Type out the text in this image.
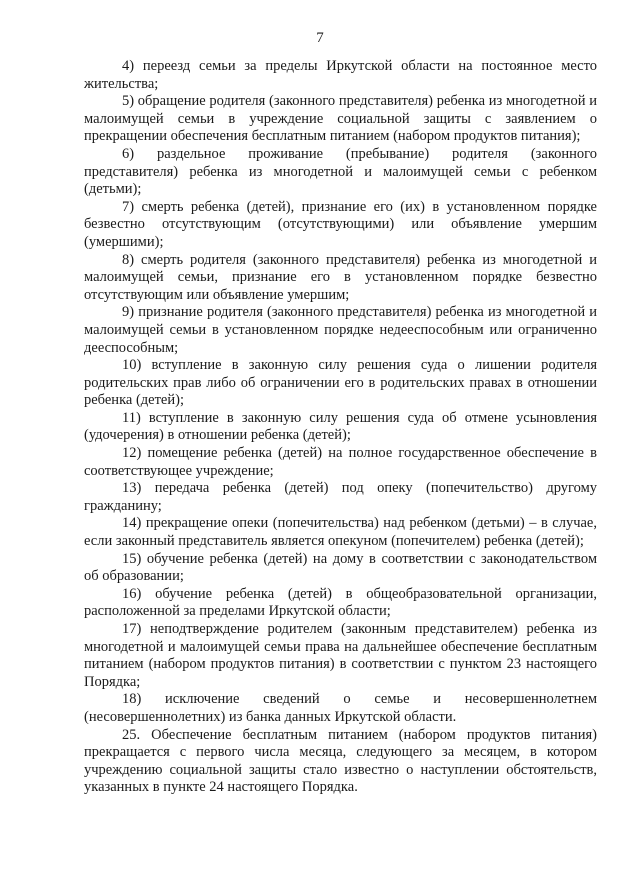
7

4) переезд семьи за пределы Иркутской области на постоянное место жительства;

5) обращение родителя (законного представителя) ребенка из многодетной и малоимущей семьи в учреждение социальной защиты с заявлением о прекращении обеспечения бесплатным питанием (набором продуктов питания);

6) раздельное проживание (пребывание) родителя (законного представителя) ребенка из многодетной и малоимущей семьи с ребенком (детьми);

7) смерть ребенка (детей), признание его (их) в установленном порядке безвестно отсутствующим (отсутствующими) или объявление умершим (умершими);

8) смерть родителя (законного представителя) ребенка из многодетной и малоимущей семьи, признание его в установленном порядке безвестно отсутствующим или объявление умершим;

9) признание родителя (законного представителя) ребенка из многодетной и малоимущей семьи в установленном порядке недееспособным или ограниченно дееспособным;

10) вступление в законную силу решения суда о лишении родителя родительских прав либо об ограничении его в родительских правах в отношении ребенка (детей);

11) вступление в законную силу решения суда об отмене усыновления (удочерения) в отношении ребенка (детей);

12) помещение ребенка (детей) на полное государственное обеспечение в соответствующее учреждение;

13) передача ребенка (детей) под опеку (попечительство) другому гражданину;

14) прекращение опеки (попечительства) над ребенком (детьми) – в случае, если законный представитель является опекуном (попечителем) ребенка (детей);

15) обучение ребенка (детей) на дому в соответствии с законодательством об образовании;

16) обучение ребенка (детей) в общеобразовательной организации, расположенной за пределами Иркутской области;

17) неподтверждение родителем (законным представителем) ребенка из многодетной и малоимущей семьи права на дальнейшее обеспечение бесплатным питанием (набором продуктов питания) в соответствии с пунктом 23 настоящего Порядка;

18) исключение сведений о семье и несовершеннолетнем (несовершеннолетних) из банка данных Иркутской области.

25. Обеспечение бесплатным питанием (набором продуктов питания) прекращается с первого числа месяца, следующего за месяцем, в котором учреждению социальной защиты стало известно о наступлении обстоятельств, указанных в пункте 24 настоящего Порядка.
